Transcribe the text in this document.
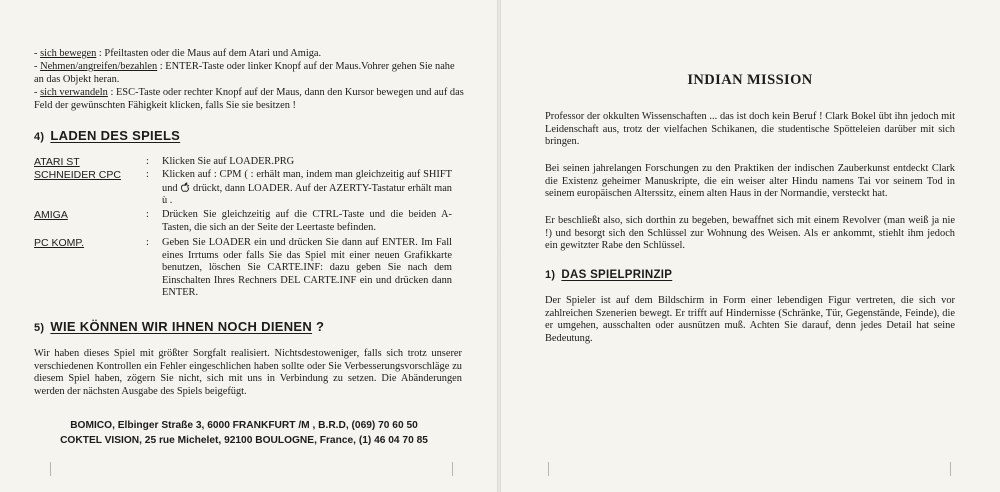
- sich bewegen : Pfeiltasten oder die Maus auf dem Atari und Amiga.
- Nehmen/angreifen/bezahlen : ENTER-Taste oder linker Knopf auf der Maus.Vohrer gehen Sie nahe an das Objekt heran.
- sich verwandeln : ESC-Taste oder rechter Knopf auf der Maus, dann den Kursor bewegen und auf das Feld der gewünschten Fähigkeit klicken, falls Sie sie besitzen !
4) LADEN DES SPIELS
ATARI ST	: Klicken Sie auf LOADER.PRG
SCHNEIDER CPC	: Klicken auf : CPM ( : erhält man, indem man gleichzeitig auf SHIFT und
drückt, dann LOADER. Auf der AZERTY-Tastatur erhält man ù .
AMIGA	: Drücken Sie gleichzeitig auf die CTRL-Taste und die beiden A-Tasten, die sich an der Seite der Leertaste befinden.
PC KOMP.	: Geben Sie LOADER ein und drücken Sie dann auf ENTER. Im Fall eines Irrtums oder falls Sie das Spiel mit einer neuen Grafikkarte benutzen, löschen Sie CARTE.INF: dazu geben Sie nach dem Einschalten Ihres Rechners DEL CARTE.INF ein und drücken dann ENTER.
5) WIE KÖNNEN WIR IHNEN NOCH DIENEN ?
Wir haben dieses Spiel mit größter Sorgfalt realisiert. Nichtsdestoweniger, falls sich trotz unserer verschiedenen Kontrollen ein Fehler eingeschlichen haben sollte oder Sie Verbesserungsvorschläge zu diesem Spiel haben, zögern Sie nicht, sich mit uns in Verbindung zu setzen. Die Abänderungen werden der nächsten Ausgabe des Spiels beigefügt.
BOMICO, Elbinger Straße 3, 6000 FRANKFURT /M , B.R.D, (069) 70 60 50
COKTEL VISION, 25 rue Michelet, 92100 BOULOGNE, France, (1) 46 04 70 85
INDIAN MISSION
Professor der okkulten Wissenschaften ... das ist doch kein Beruf ! Clark Bokel übt ihn jedoch mit Leidenschaft aus, trotz der vielfachen Schikanen, die studentische Spötteleien darüber mit sich bringen.
Bei seinen jahrelangen Forschungen zu den Praktiken der indischen Zauberkunst entdeckt Clark die Existenz geheimer Manuskripte, die ein weiser alter Hindu namens Tai vor seinem Tod in seinem europäischen Alterssitz, einem alten Haus in der Normandie, versteckt hat.
Er beschließt also, sich dorthin zu begeben, bewaffnet sich mit einem Revolver (man weiß ja nie !) und besorgt sich den Schlüssel zur Wohnung des Weisen. Als er ankommt, stiehlt ihm jedoch ein gewitzter Rabe den Schlüssel.
1) DAS SPIELPRINZIP
Der Spieler ist auf dem Bildschirm in Form einer lebendigen Figur vertreten, die sich vor zahlreichen Szenerien bewegt. Er trifft auf Hindernisse (Schränke, Tür, Gegenstände, Feinde), die er umgehen, ausschalten oder ausnützen muß. Achten Sie darauf, denn jedes Detail hat seine Bedeutung.
